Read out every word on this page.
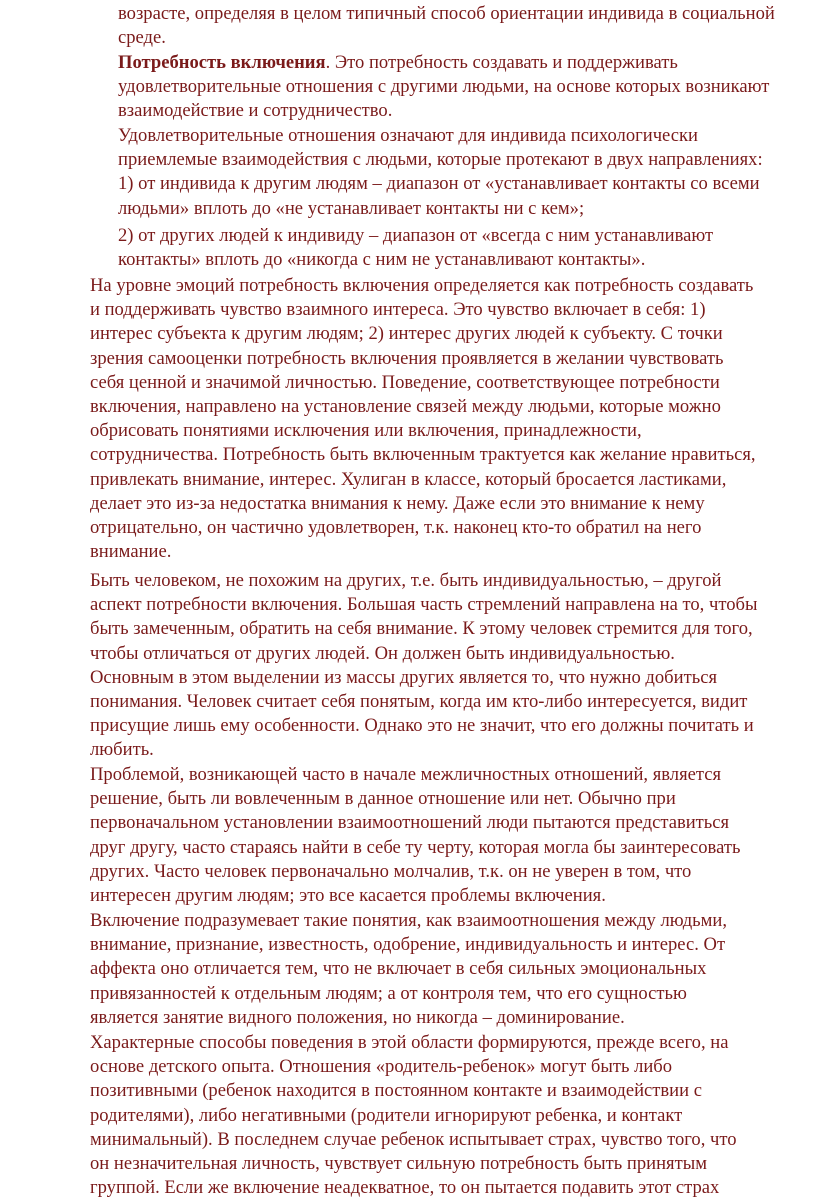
возрасте, определяя в целом типичный способ ориентации индивида в социальной
среде.
Потребность включения. Это потребность создавать и поддерживать
удовлетворительные отношения с другими людьми, на основе которых возникают
взаимодействие и сотрудничество.
Удовлетворительные отношения означают для индивида психологически
приемлемые взаимодействия с людьми, которые протекают в двух направлениях:
1) от индивида к другим людям – диапазон от «устанавливает контакты со всеми
людьми» вплоть до «не устанавливает контакты ни с кем»;
2) от других людей к индивиду – диапазон от «всегда с ним устанавливают
контакты» вплоть до «никогда с ним не устанавливают контакты».
На уровне эмоций потребность включения определяется как потребность создавать
и поддерживать чувство взаимного интереса. Это чувство включает в себя: 1)
интерес субъекта к другим людям; 2) интерес других людей к субъекту. С точки
зрения самооценки потребность включения проявляется в желании чувствовать
себя ценной и значимой личностью. Поведение, соответствующее потребности
включения, направлено на установление связей между людьми, которые можно
обрисовать понятиями исключения или включения, принадлежности,
сотрудничества. Потребность быть включенным трактуется как желание нравиться,
привлекать внимание, интерес. Хулиган в классе, который бросается ластиками,
делает это из-за недостатка внимания к нему. Даже если это внимание к нему
отрицательно, он частично удовлетворен, т.к. наконец кто-то обратил на него
внимание.
Быть человеком, не похожим на других, т.е. быть индивидуальностью, – другой
аспект потребности включения. Большая часть стремлений направлена на то, чтобы
быть замеченным, обратить на себя внимание. К этому человек стремится для того,
чтобы отличаться от других людей. Он должен быть индивидуальностью.
Основным в этом выделении из массы других является то, что нужно добиться
понимания. Человек считает себя понятым, когда им кто-либо интересуется, видит
присущие лишь ему особенности. Однако это не значит, что его должны почитать и
любить.
Проблемой, возникающей часто в начале межличностных отношений, является
решение, быть ли вовлеченным в данное отношение или нет. Обычно при
первоначальном установлении взаимоотношений люди пытаются представиться
друг другу, часто стараясь найти в себе ту черту, которая могла бы заинтересовать
других. Часто человек первоначально молчалив, т.к. он не уверен в том, что
интересен другим людям; это все касается проблемы включения.
Включение подразумевает такие понятия, как взаимоотношения между людьми,
внимание, признание, известность, одобрение, индивидуальность и интерес. От
аффекта оно отличается тем, что не включает в себя сильных эмоциональных
привязанностей к отдельным людям; а от контроля тем, что его сущностью
является занятие видного положения, но никогда – доминирование.
Характерные способы поведения в этой области формируются, прежде всего, на
основе детского опыта. Отношения «родитель-ребенок» могут быть либо
позитивными (ребенок находится в постоянном контакте и взаимодействии с
родителями), либо негативными (родители игнорируют ребенка, и контакт
минимальный). В последнем случае ребенок испытывает страх, чувство того, что
он незначительная личность, чувствует сильную потребность быть принятым
группой. Если же включение неадекватное, то он пытается подавить этот страх
